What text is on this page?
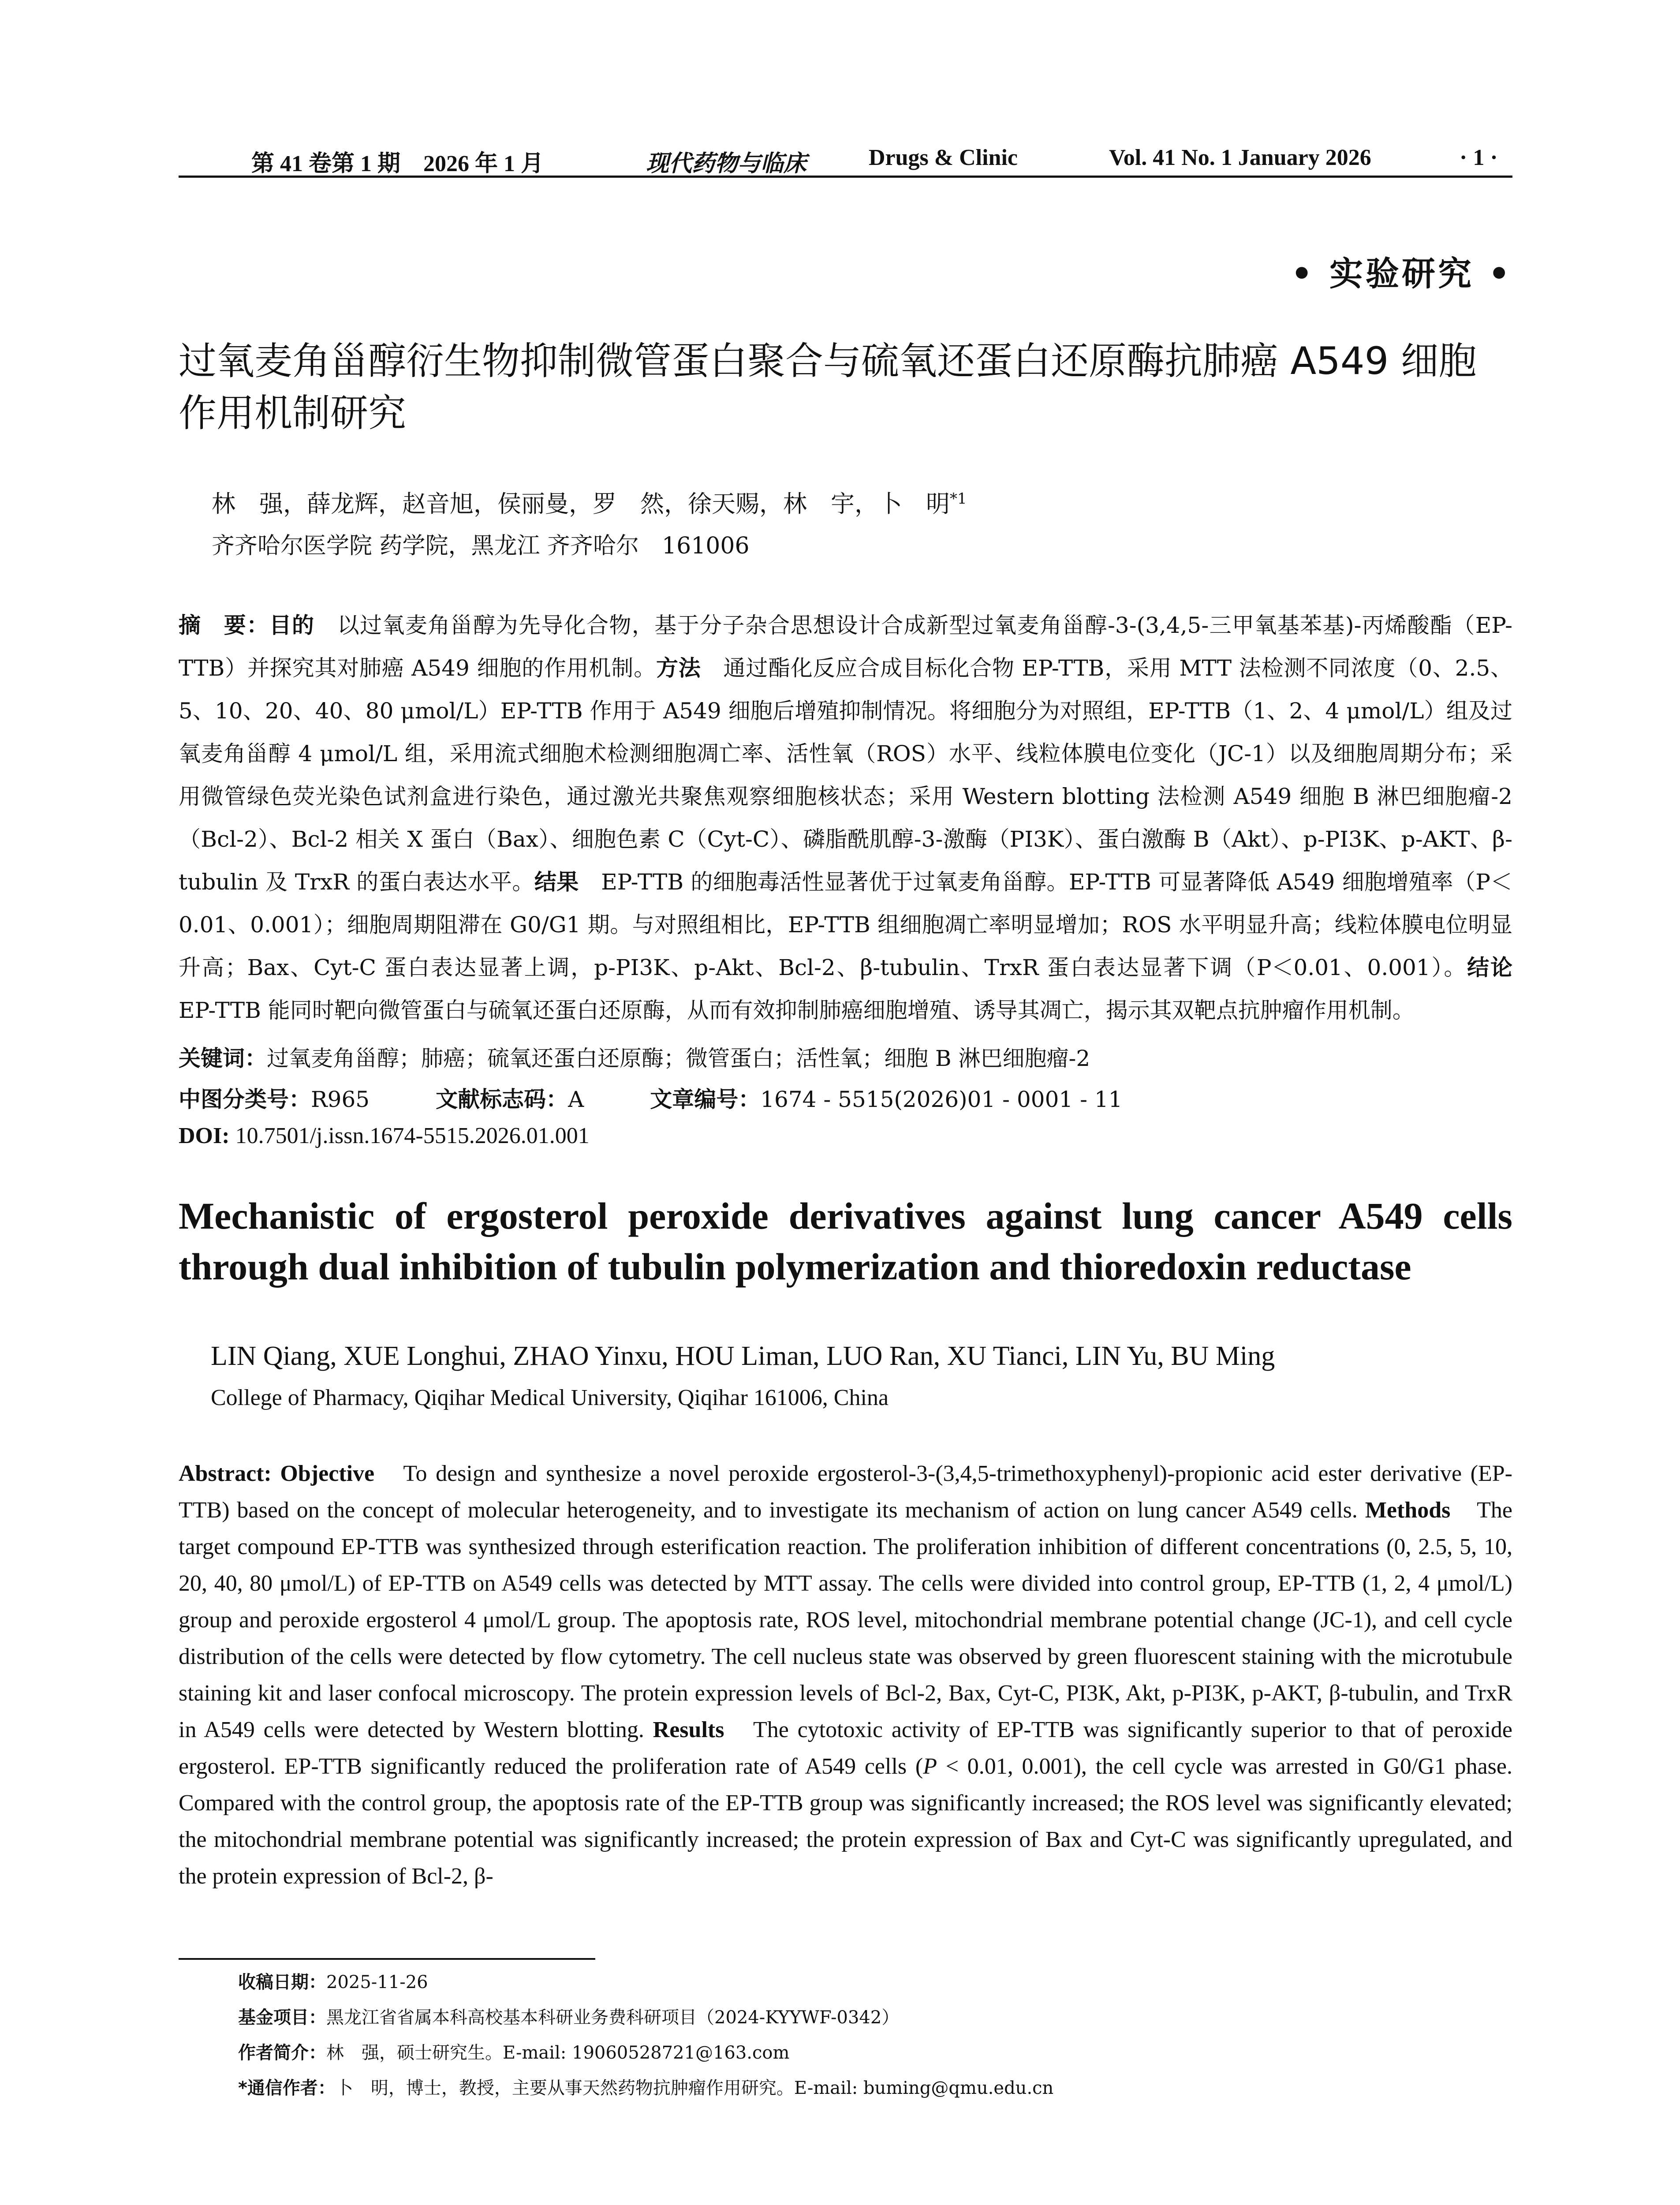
第 41 卷第 1 期　2026 年 1 月	现代药物与临床	Drugs & Clinic	Vol. 41 No. 1 January 2026	· 1 ·
• 实验研究 •
过氧麦角甾醇衍生物抑制微管蛋白聚合与硫氧还蛋白还原酶抗肺癌 A549 细胞作用机制研究
林　强，薛龙辉，赵音旭，侯丽曼，罗　然，徐天赐，林　宇，卜　明$^{*1}$
齐齐哈尔医学院 药学院，黑龙江 齐齐哈尔　161006

摘　要：目的　 以过氧麦角甾醇为先导化合物，基于分子杂合思想设计合成新型过氧麦角甾醇-3-(3,4,5-三甲氧基苯基)-丙烯酸酯（EP-TTB）并探究其对肺癌 A549 细胞的作用机制。方法　 通过酯化反应合成目标化合物 EP-TTB，采用 MTT 法检测不同浓度（0、2.5、5、10、20、40、80 μmol/L）EP-TTB 作用于 A549 细胞后增殖抑制情况。将细胞分为对照组，EP-TTB（1、2、4 μmol/L）组及过氧麦角甾醇 4 μmol/L 组，采用流式细胞术检测细胞凋亡率、活性氧（ROS）水平、线粒体膜电位变化（JC-1）以及细胞周期分布；采用微管绿色荧光染色试剂盒进行染色，通过激光共聚焦观察细胞核状态；采用 Western blotting 法检测 A549 细胞 B 淋巴细胞瘤-2（Bcl-2）、Bcl-2 相关 X 蛋白（Bax）、细胞色素 C（Cyt-C）、磷脂酰肌醇-3-激酶（PI3K）、蛋白激酶 B（Akt）、p-PI3K、p-AKT、β-tubulin 及 TrxR 的蛋白表达水平。结果　 EP-TTB 的细胞毒活性显著优于过氧麦角甾醇。EP-TTB 可显著降低 A549 细胞增殖率（P＜0.01、0.001）；细胞周期阻滞在 G0/G1 期。与对照组相比，EP-TTB 组细胞凋亡率明显增加；ROS 水平明显升高；线粒体膜电位明显升高；Bax、Cyt-C 蛋白表达显著上调，p-PI3K、p-Akt、Bcl-2、β-tubulin、TrxR 蛋白表达显著下调（P＜0.01、0.001）。结论　EP-TTB 能同时靶向微管蛋白与硫氧还蛋白还原酶，从而有效抑制肺癌细胞增殖、诱导其凋亡，揭示其双靶点抗肿瘤作用机制。

关键词：过氧麦角甾醇；肺癌；硫氧还蛋白还原酶；微管蛋白；活性氧；细胞 B 淋巴细胞瘤-2
中图分类号：R965	文献标志码：A	文章编号：1674 - 5515(2026)01 - 0001 - 11
DOI: 10.7501/j.issn.1674-5515.2026.01.001
Mechanistic of ergosterol peroxide derivatives against lung cancer A549 cells through dual inhibition of tubulin polymerization and thioredoxin reductase
LIN Qiang, XUE Longhui, ZHAO Yinxu, HOU Liman, LUO Ran, XU Tianci, LIN Yu, BU Ming
College of Pharmacy, Qiqihar Medical University, Qiqihar 161006, China

Abstract: Objective　 To design and synthesize a novel peroxide ergosterol-3-(3,4,5-trimethoxyphenyl)-propionic acid ester derivative (EP-TTB) based on the concept of molecular heterogeneity, and to investigate its mechanism of action on lung cancer A549 cells. Methods　 The target compound EP-TTB was synthesized through esterification reaction. The proliferation inhibition of different concentrations (0, 2.5, 5, 10, 20, 40, 80 μmol/L) of EP-TTB on A549 cells was detected by MTT assay. The cells were divided into control group, EP-TTB (1, 2, 4 μmol/L) group and peroxide ergosterol 4 μmol/L group. The apoptosis rate, ROS level, mitochondrial membrane potential change (JC-1), and cell cycle distribution of the cells were detected by flow cytometry. The cell nucleus state was observed by green fluorescent staining with the microtubule staining kit and laser confocal microscopy. The protein expression levels of Bcl-2, Bax, Cyt-C, PI3K, Akt, p-PI3K, p-AKT, β-tubulin, and TrxR in A549 cells were detected by Western blotting. Results　 The cytotoxic activity of EP-TTB was significantly superior to that of peroxide ergosterol. EP-TTB significantly reduced the proliferation rate of A549 cells (P < 0.01, 0.001), the cell cycle was arrested in G0/G1 phase. Compared with the control group, the apoptosis rate of the EP-TTB group was significantly increased; the ROS level was significantly elevated; the mitochondrial membrane potential was significantly increased; the protein expression of Bax and Cyt-C was significantly upregulated, and the protein expression of Bcl-2, β-

收稿日期：2025-11-26
基金项目：黑龙江省省属本科高校基本科研业务费科研项目（2024-KYYWF-0342）
作者简介：林　强，硕士研究生。E-mail: 19060528721@163.com
*通信作者：卜　明，博士，教授，主要从事天然药物抗肿瘤作用研究。E-mail: buming@qmu.edu.cn
